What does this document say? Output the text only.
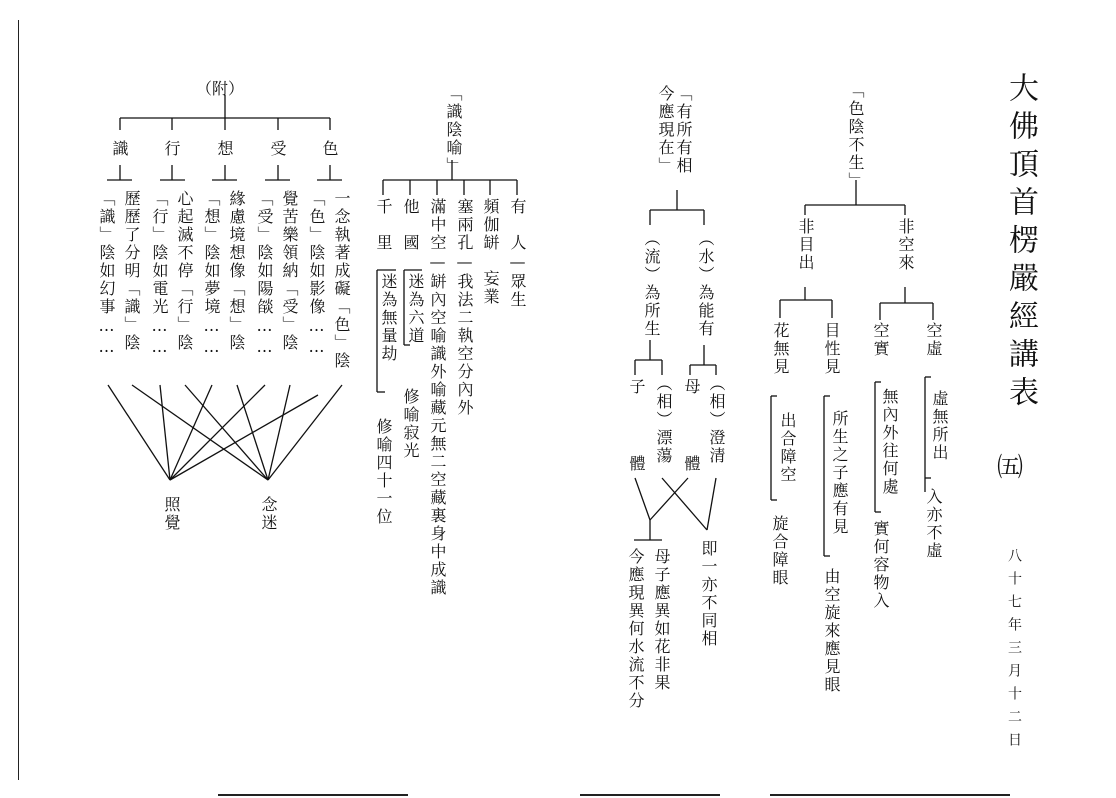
大佛頂首楞嚴經講表
㈤
八十七年三月十二日
「色陰不生」
非空來
非目出
空虛
虛無所出
入亦不虛
空實
無內外往何處
實何容物入
目性見
所生之子應有見
由空旋來應見眼
花無見
出合障空
旋合障眼
「有所有相今應現在」
（水）為能有
（流）為所生
母
體 （相）澄清
（相）漂蕩
子
體
即一亦不同相
母子應異如花非果
今應現異何水流不分
「識陰喻」
有　人—眾生
頻伽缾　妄業
塞兩孔—我法二執空分內外
滿中空—缾內空喻識外喻藏元無二空藏裏身中成識
他　國
迷為六道
修喻寂光
千　里
迷為無量劫
修喻四十一位
（附）
色
受
想
行
識
一念執著成礙「色」陰
「色」陰如影像……
覺苦樂領納「受」陰
「受」陰如陽燄……
緣慮境想像「想」陰
「想」陰如夢境……
心起滅不停「行」陰
「行」陰如電光……
歷歷了分明「識」陰
「識」陰如幻事……
念迷
照覺
